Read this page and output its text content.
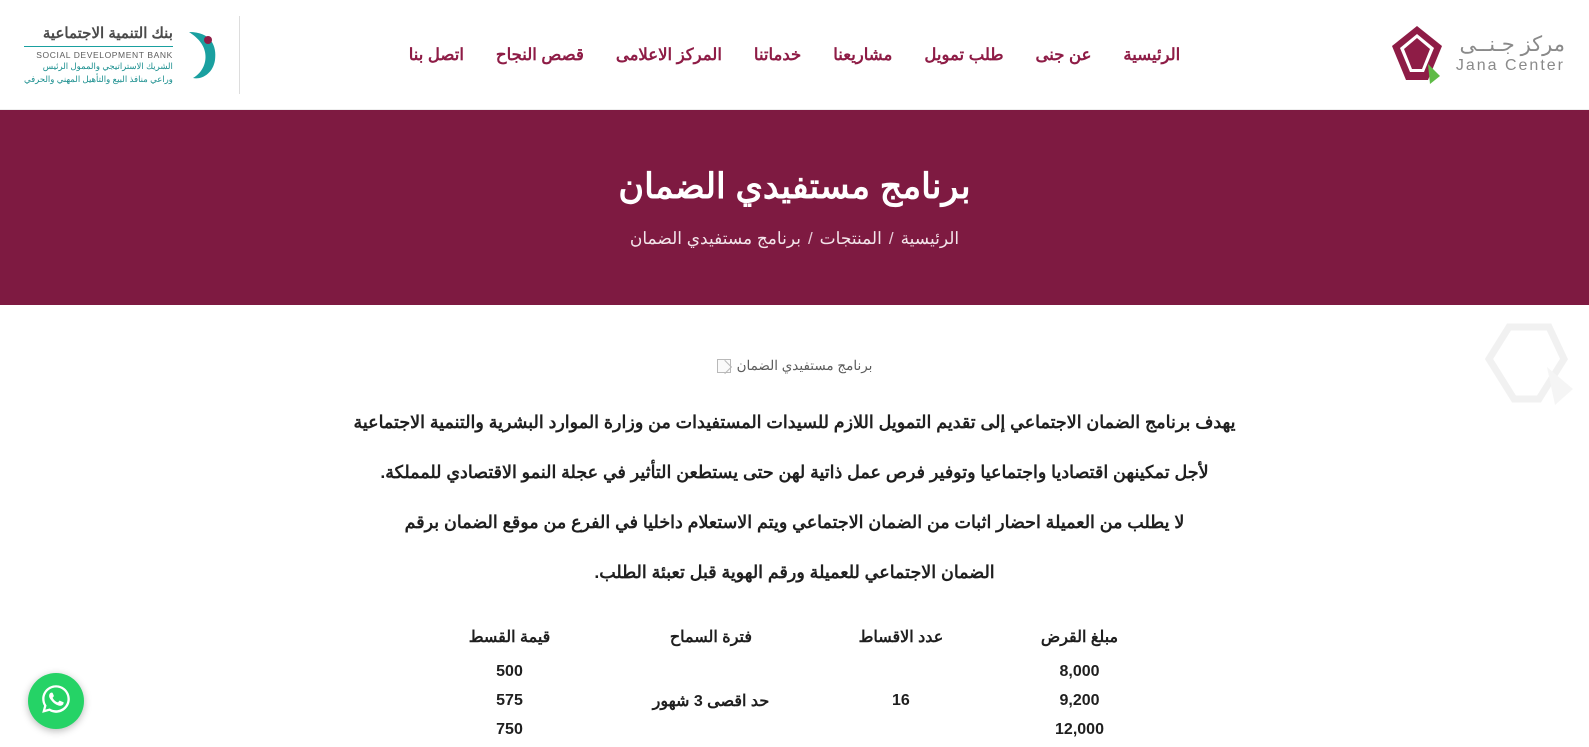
مركز جـنــى
Jana Center
الرئيسية
عن جنى
طلب تمويل
مشاريعنا
خدماتنا
المركز الاعلامى
قصص النجاح
اتصل بنا
بنك التنمية الاجتماعية
SOCIAL DEVELOPMENT BANK
الشريك الاستراتيجي والممول الرئيس
وراعي منافذ البيع والتأهيل المهني والحرفي
برنامج مستفيدي الضمان
الرئيسية
/
المنتجات
/
برنامج مستفيدي الضمان
برنامج مستفيدي الضمان

يهدف برنامج الضمان الاجتماعي إلى تقديم التمويل اللازم للسيدات المستفيدات من وزارة الموارد البشرية والتنمية الاجتماعية

لأجل تمكينهن اقتصاديا واجتماعيا وتوفير فرص عمل ذاتية لهن حتى يستطعن التأثير في عجلة النمو الاقتصادي للمملكة.

لا يطلب من العميلة احضار اثبات من الضمان الاجتماعي ويتم الاستعلام داخليا في الفرع من موقع الضمان برقم

الضمان الاجتماعي للعميلة ورقم الهوية قبل تعبئة الطلب.

مبلغ القرض	عدد الاقساط	فترة السماح	قيمة القسط
8,000			500
9,200	16	حد اقصى 3 شهور	575
12,000			750
